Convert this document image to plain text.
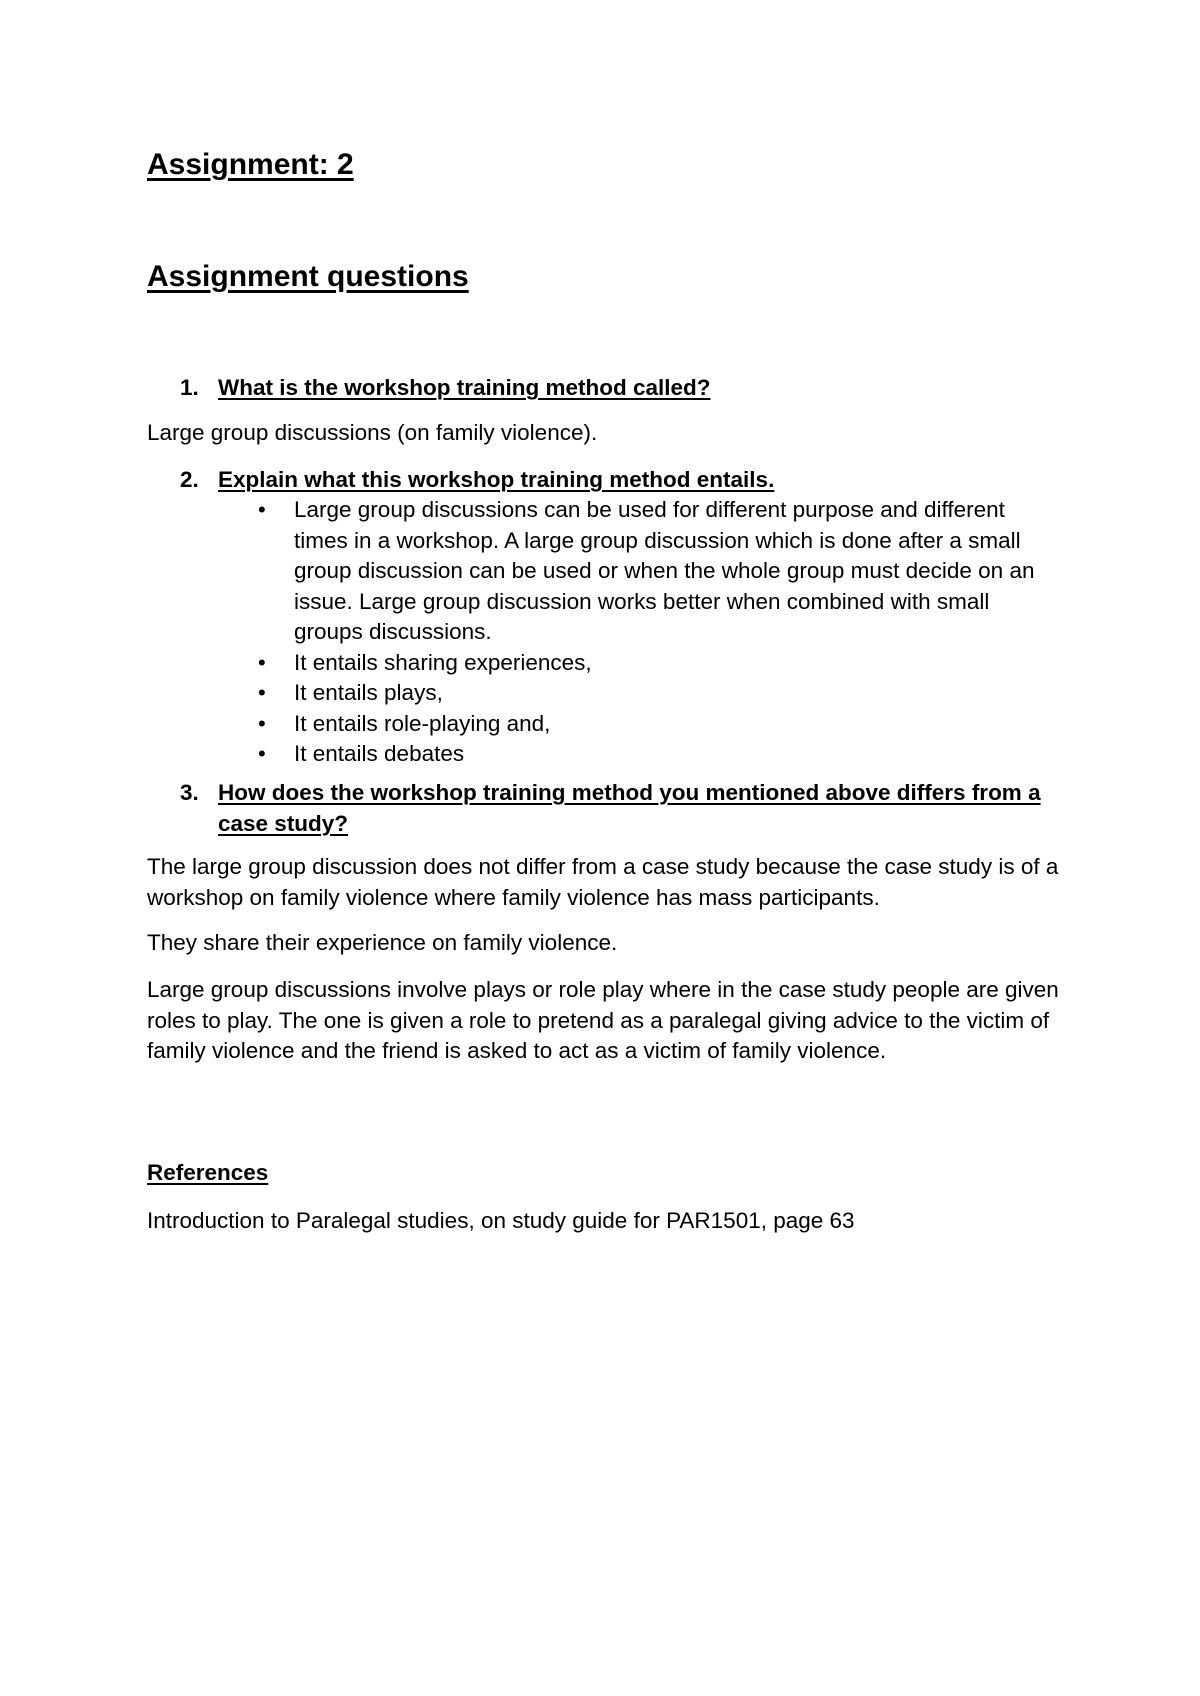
Assignment: 2
Assignment questions
1. What is the workshop training method called?

Large group discussions (on family violence).

2. Explain what this workshop training method entails.
• Large group discussions can be used for different purpose and different times in a workshop. A large group discussion which is done after a small group discussion can be used or when the whole group must decide on an issue. Large group discussion works better when combined with small groups discussions.
• It entails sharing experiences,
• It entails plays,
• It entails role-playing and,
• It entails debates
3. How does the workshop training method you mentioned above differs from a case study?

The large group discussion does not differ from a case study because the case study is of a workshop on family violence where family violence has mass participants.

They share their experience on family violence.

Large group discussions involve plays or role play where in the case study people are given roles to play. The one is given a role to pretend as a paralegal giving advice to the victim of family violence and the friend is asked to act as a victim of family violence.

References

Introduction to Paralegal studies, on study guide for PAR1501, page 63
